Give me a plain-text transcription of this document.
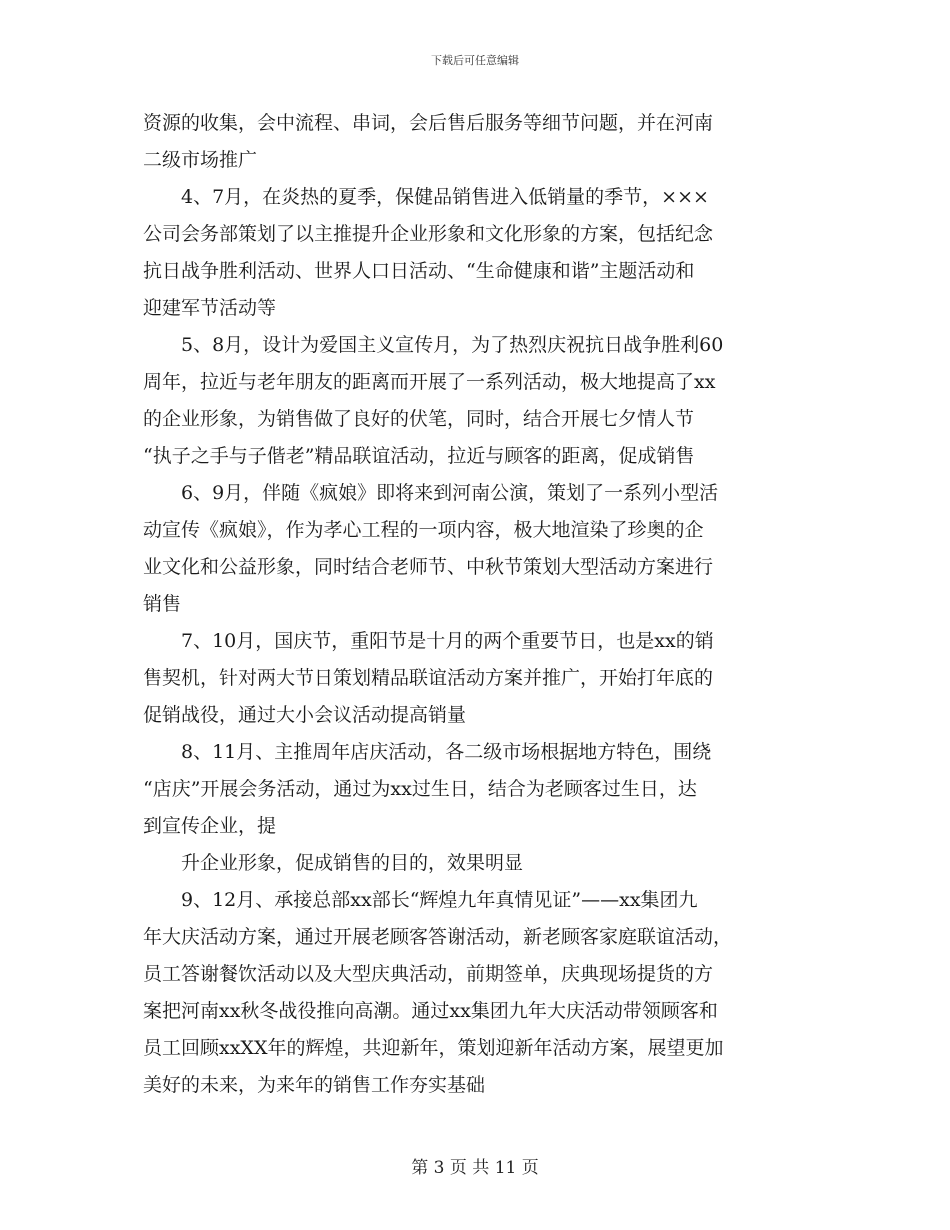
下载后可任意编辑
资源的收集，会中流程、串词，会后售后服务等细节问题，并在河南
二级市场推广
　　4、7月，在炎热的夏季，保健品销售进入低销量的季节，×××
公司会务部策划了以主推提升企业形象和文化形象的方案，包括纪念
抗日战争胜利活动、世界人口日活动、“生命健康和谐”主题活动和
迎建军节活动等
　　5、8月，设计为爱国主义宣传月，为了热烈庆祝抗日战争胜利60
周年，拉近与老年朋友的距离而开展了一系列活动，极大地提高了xx
的企业形象，为销售做了良好的伏笔，同时，结合开展七夕情人节
“执子之手与子偕老”精品联谊活动，拉近与顾客的距离，促成销售
　　6、9月，伴随《疯娘》即将来到河南公演，策划了一系列小型活
动宣传《疯娘》，作为孝心工程的一项内容，极大地渲染了珍奥的企
业文化和公益形象，同时结合老师节、中秋节策划大型活动方案进行
销售
　　7、10月，国庆节，重阳节是十月的两个重要节日，也是xx的销
售契机，针对两大节日策划精品联谊活动方案并推广，开始打年底的
促销战役，通过大小会议活动提高销量
　　8、11月、主推周年店庆活动，各二级市场根据地方特色，围绕
“店庆”开展会务活动，通过为xx过生日，结合为老顾客过生日，达
到宣传企业，提
　　升企业形象，促成销售的目的，效果明显
　　9、12月、承接总部xx部长“辉煌九年真情见证”——xx集团九
年大庆活动方案，通过开展老顾客答谢活动，新老顾客家庭联谊活动，
员工答谢餐饮活动以及大型庆典活动，前期签单，庆典现场提货的方
案把河南xx秋冬战役推向高潮。通过xx集团九年大庆活动带领顾客和
员工回顾xxXX年的辉煌，共迎新年，策划迎新年活动方案，展望更加
美好的未来，为来年的销售工作夯实基础
第 3 页 共 11 页
